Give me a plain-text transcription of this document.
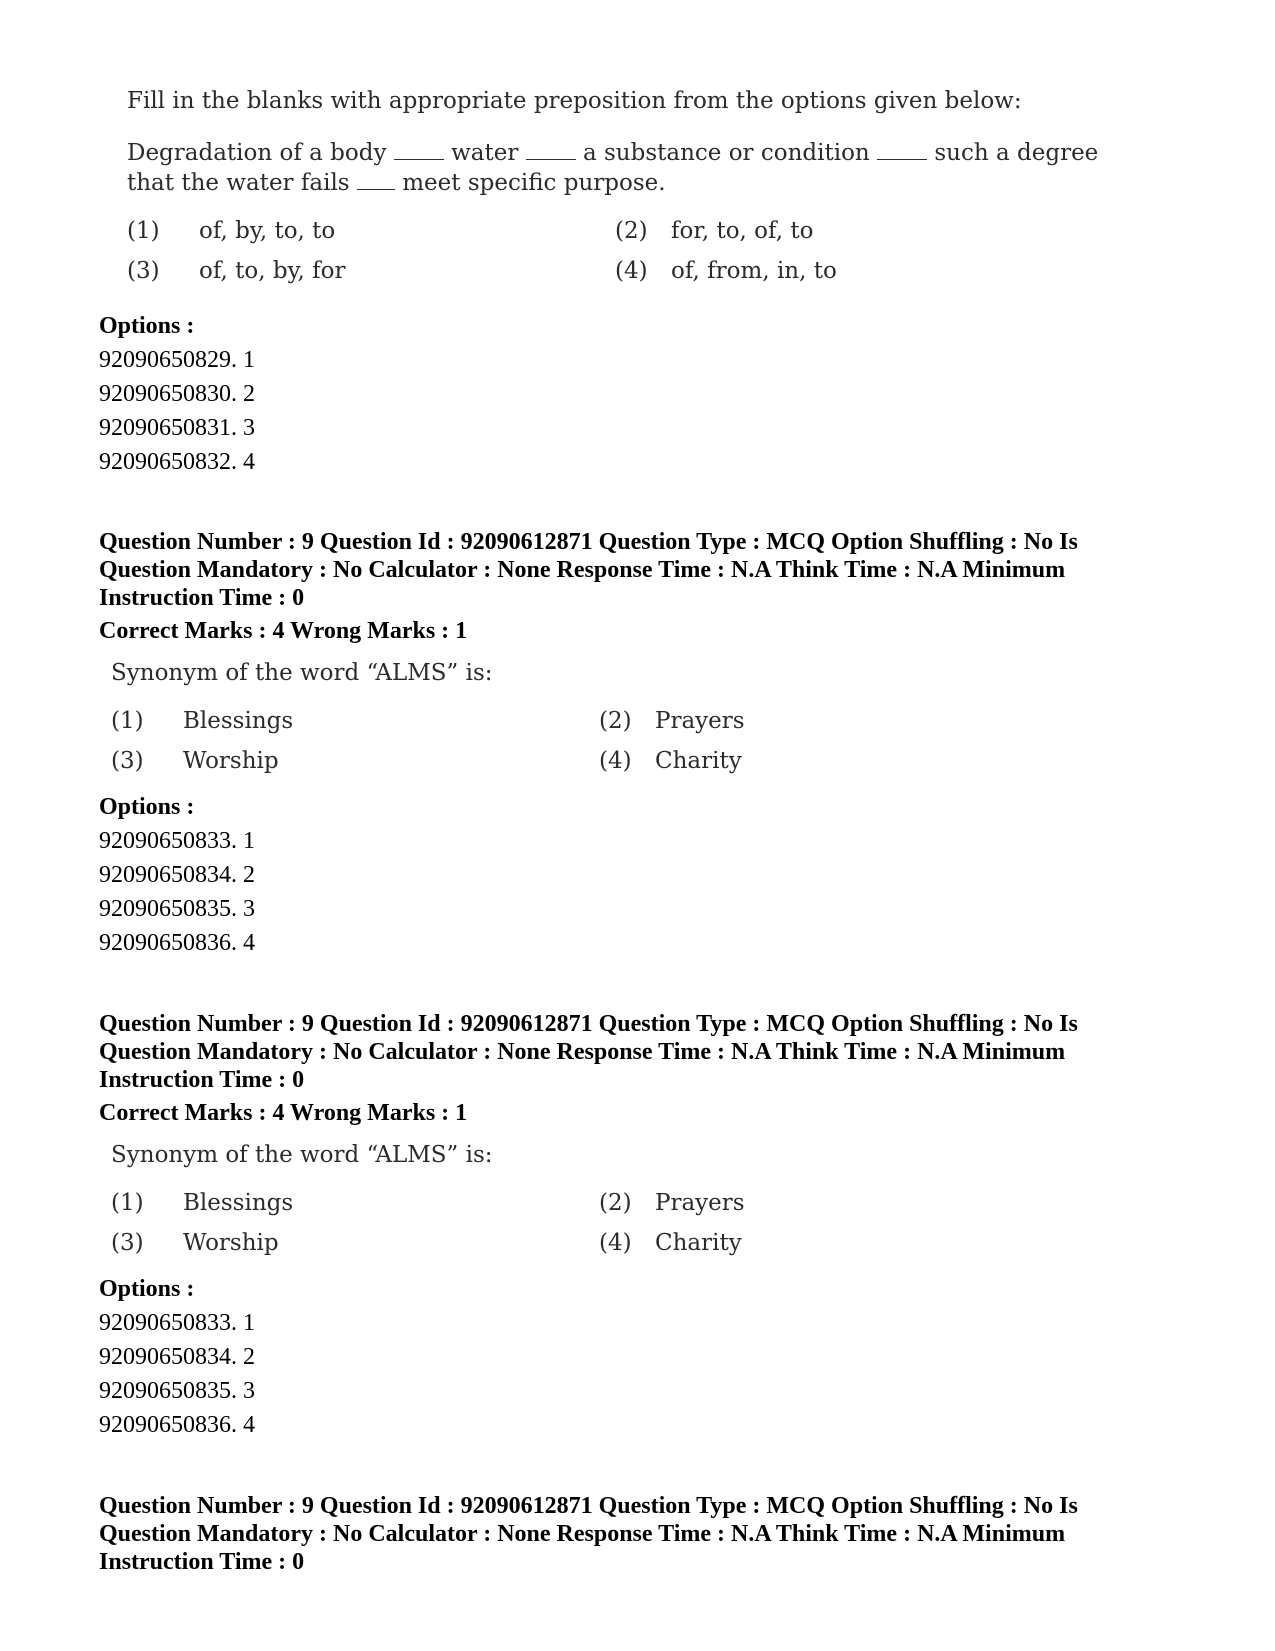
Fill in the blanks with appropriate preposition from the options given below:
Degradation of a body	water	a substance or condition	such a degree
that the water fails meet specific purpose.
(1) of, by, to, to	(2) for, to, of, to
(3) of, to, by, for	(4) of, from, in, to
Options :
92090650829. 1
92090650830. 2
92090650831. 3
92090650832. 4
Question Number : 9 Question Id : 92090612871 Question Type : MCQ Option Shuffling : No Is
Question Mandatory : No Calculator : None Response Time : N.A Think Time : N.A Minimum
Instruction Time : 0
Correct Marks : 4 Wrong Marks : 1
Synonym of the word “ALMS” is:
(1) Blessings	(2) Prayers
(3) Worship	(4) Charity
Options :
92090650833. 1
92090650834. 2
92090650835. 3
92090650836. 4
Question Number : 9 Question Id : 92090612871 Question Type : MCQ Option Shuffling : No Is
Question Mandatory : No Calculator : None Response Time : N.A Think Time : N.A Minimum
Instruction Time : 0
Correct Marks : 4 Wrong Marks : 1
Synonym of the word “ALMS” is:
(1) Blessings	(2) Prayers
(3) Worship	(4) Charity
Options :
92090650833. 1
92090650834. 2
92090650835. 3
92090650836. 4
Question Number : 9 Question Id : 92090612871 Question Type : MCQ Option Shuffling : No Is
Question Mandatory : No Calculator : None Response Time : N.A Think Time : N.A Minimum
Instruction Time : 0
